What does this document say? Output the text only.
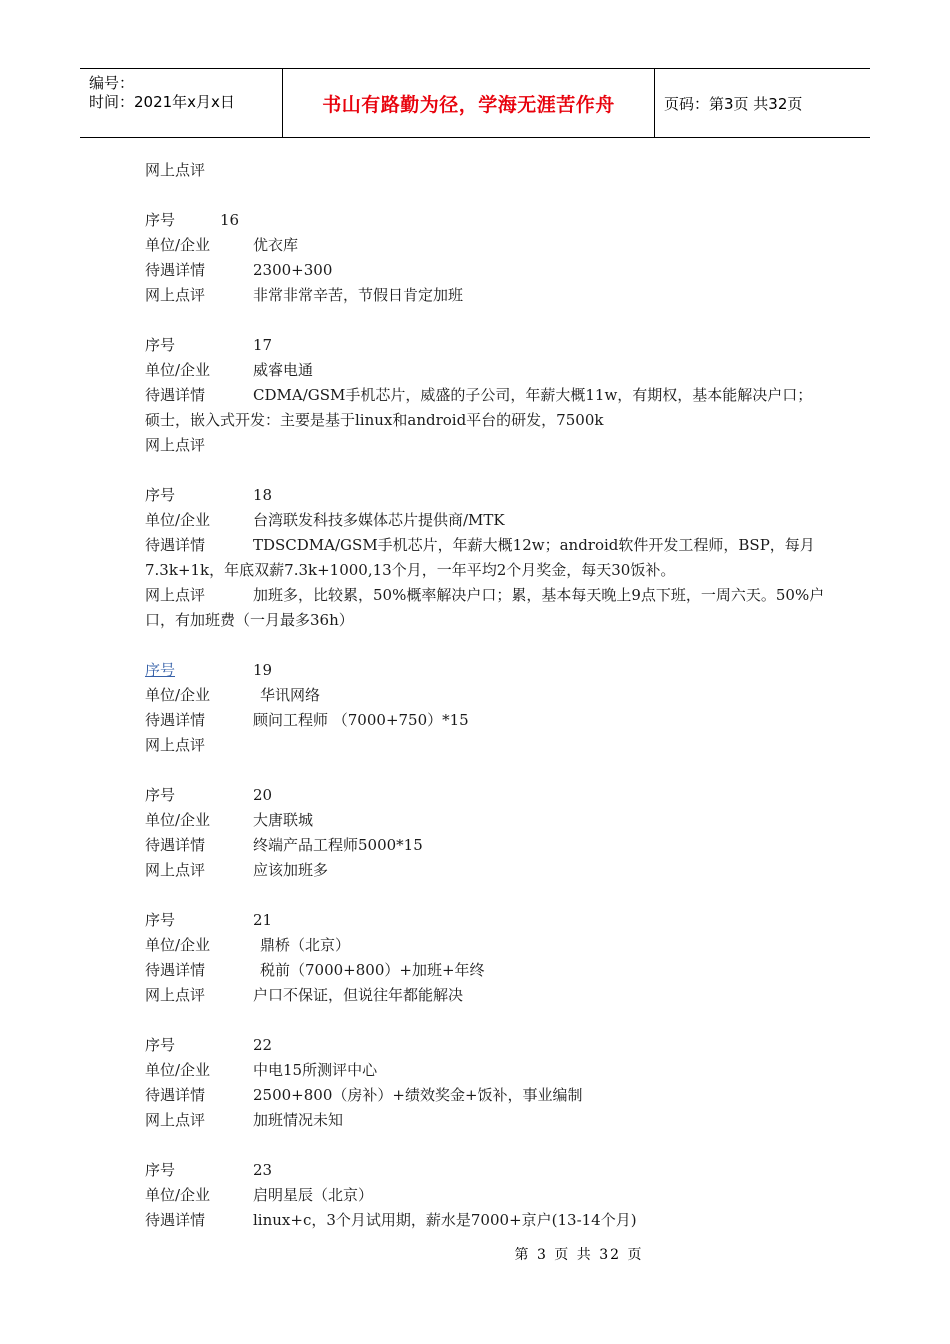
编号：
时间：2021年x月x日	书山有路勤为径，学海无涯苦作舟	页码：第3页 共32页
网上点评
序号	16
单位/企业	优衣库
待遇详情	2300+300
网上点评	非常非常辛苦，节假日肯定加班
序号	17
单位/企业	威睿电通
待遇详情	CDMA/GSM手机芯片，威盛的子公司，年薪大概11w，有期权，基本能解决户口；硕士，嵌入式开发：主要是基于linux和android平台的研发，7500k
网上点评
序号	18
单位/企业	台湾联发科技多媒体芯片提供商/MTK
待遇详情	TDSCDMA/GSM手机芯片，年薪大概12w；android软件开发工程师，BSP，每月7.3k+1k，年底双薪7.3k+1000,13个月，一年平均2个月奖金，每天30饭补。
网上点评	加班多，比较累，50%概率解决户口；累，基本每天晚上9点下班，一周六天。50%户口，有加班费（一月最多36h）
序号	19
单位/企业	华讯网络
待遇详情	顾问工程师 （7000+750）*15
网上点评
序号	20
单位/企业	大唐联城
待遇详情	终端产品工程师5000*15
网上点评	应该加班多
序号	21
单位/企业	鼎桥（北京）
待遇详情	税前（7000+800）+加班+年终
网上点评	户口不保证，但说往年都能解决
序号	22
单位/企业	中电15所测评中心
待遇详情	2500+800（房补）+绩效奖金+饭补，事业编制
网上点评	加班情况未知
序号	23
单位/企业	启明星辰（北京）
待遇详情	linux+c，3个月试用期，薪水是7000+京户(13-14个月)
第 3 页 共 32 页
